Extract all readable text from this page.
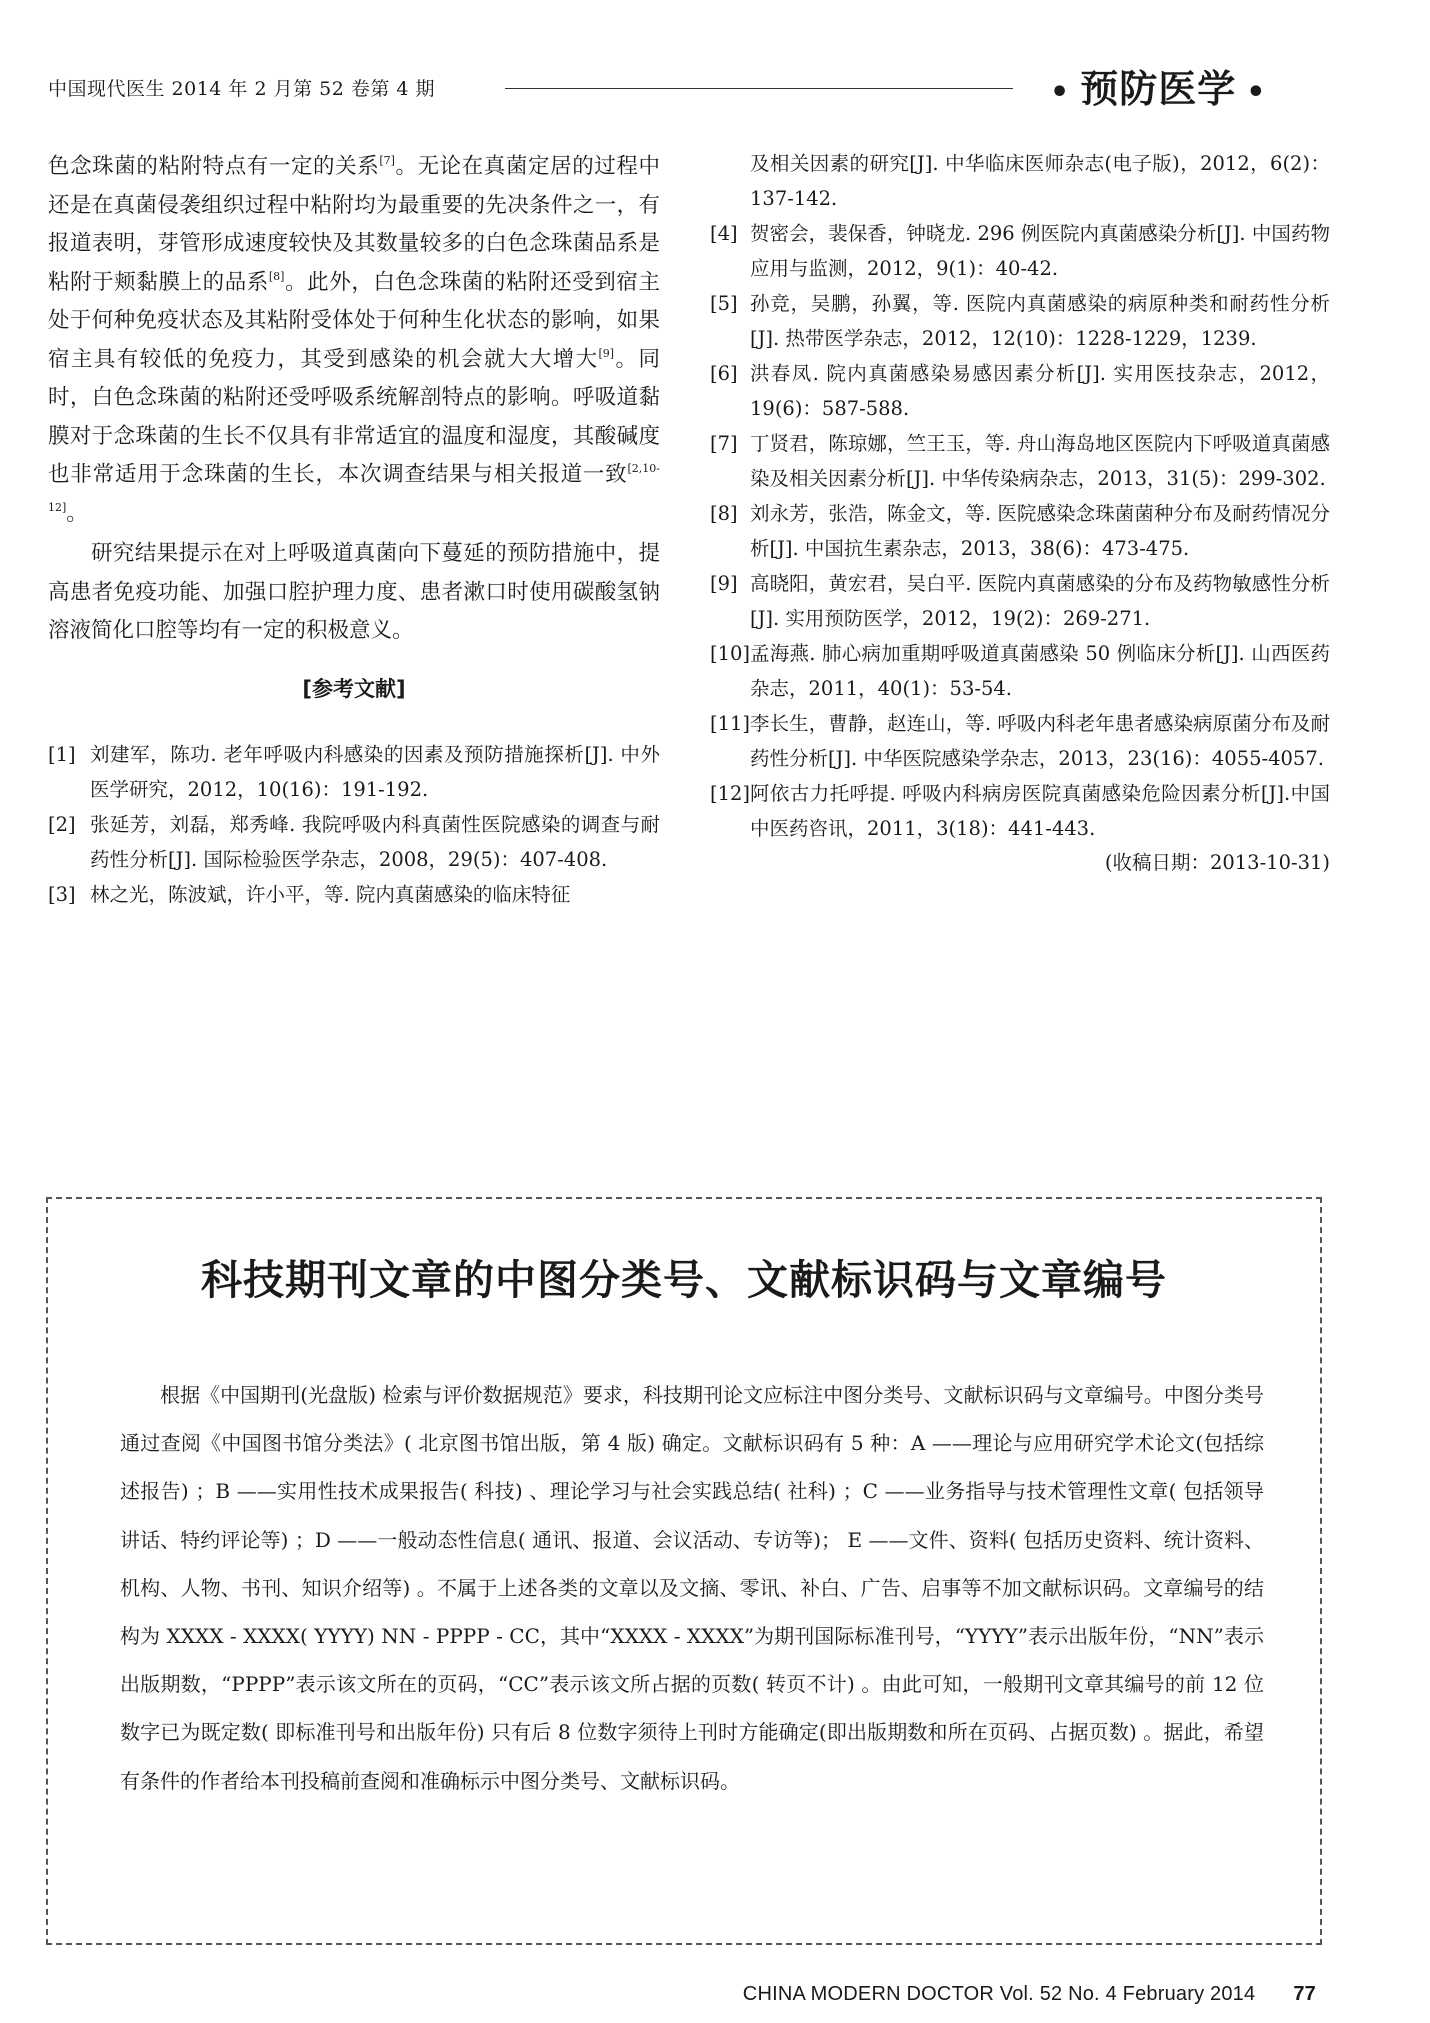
中国现代医生 2014 年 2 月第 52 卷第 4 期	• 预防医学 •

色念珠菌的粘附特点有一定的关系[7]。无论在真菌定居的过程中还是在真菌侵袭组织过程中粘附均为最重要的先决条件之一，有报道表明，芽管形成速度较快及其数量较多的白色念珠菌品系是粘附于颊黏膜上的品系[8]。此外，白色念珠菌的粘附还受到宿主处于何种免疫状态及其粘附受体处于何种生化状态的影响，如果宿主具有较低的免疫力，其受到感染的机会就大大增大[9]。同时，白色念珠菌的粘附还受呼吸系统解剖特点的影响。呼吸道黏膜对于念珠菌的生长不仅具有非常适宜的温度和湿度，其酸碱度也非常适用于念珠菌的生长，本次调查结果与相关报道一致[2,10-12]。

研究结果提示在对上呼吸道真菌向下蔓延的预防措施中，提高患者免疫功能、加强口腔护理力度、患者漱口时使用碳酸氢钠溶液简化口腔等均有一定的积极意义。

[参考文献]
[1] 刘建军，陈功. 老年呼吸内科感染的因素及预防措施探析[J]. 中外医学研究，2012，10(16)：191-192.
[2] 张延芳，刘磊，郑秀峰. 我院呼吸内科真菌性医院感染的调查与耐药性分析[J]. 国际检验医学杂志，2008，29(5)：407-408.
[3] 林之光，陈波斌，许小平，等. 院内真菌感染的临床特征
及相关因素的研究[J]. 中华临床医师杂志(电子版)，2012，6(2)：137-142.
[4] 贺密会，裴保香，钟晓龙. 296 例医院内真菌感染分析[J]. 中国药物应用与监测，2012，9(1)：40-42.
[5] 孙竞，吴鹏，孙翼，等. 医院内真菌感染的病原种类和耐药性分析[J]. 热带医学杂志，2012，12(10)：1228-1229，1239.
[6] 洪春凤. 院内真菌感染易感因素分析[J]. 实用医技杂志，2012，19(6)：587-588.
[7] 丁贤君，陈琼娜，竺王玉，等. 舟山海岛地区医院内下呼吸道真菌感染及相关因素分析[J]. 中华传染病杂志，2013，31(5)：299-302.
[8] 刘永芳，张浩，陈金文，等. 医院感染念珠菌菌种分布及耐药情况分析[J]. 中国抗生素杂志，2013，38(6)：473-475.
[9] 高晓阳，黄宏君，吴白平. 医院内真菌感染的分布及药物敏感性分析[J]. 实用预防医学，2012，19(2)：269-271.
[10] 孟海燕. 肺心病加重期呼吸道真菌感染 50 例临床分析[J]. 山西医药杂志，2011，40(1)：53-54.
[11] 李长生，曹静，赵连山，等. 呼吸内科老年患者感染病原菌分布及耐药性分析[J]. 中华医院感染学杂志，2013，23(16)：4055-4057.
[12] 阿依古力托呼提. 呼吸内科病房医院真菌感染危险因素分析[J].中国中医药咨讯，2011，3(18)：441-443.
(收稿日期：2013-10-31)
科技期刊文章的中图分类号、文献标识码与文章编号
根据《中国期刊(光盘版) 检索与评价数据规范》要求，科技期刊论文应标注中图分类号、文献标识码与文章编号。中图分类号通过查阅《中国图书馆分类法》( 北京图书馆出版，第 4 版) 确定。文献标识码有 5 种：A ——理论与应用研究学术论文(包括综述报告) ；B ——实用性技术成果报告( 科技) 、理论学习与社会实践总结( 社科) ；C ——业务指导与技术管理性文章( 包括领导讲话、特约评论等) ；D ——一般动态性信息( 通讯、报道、会议活动、专访等)； E ——文件、资料( 包括历史资料、统计资料、机构、人物、书刊、知识介绍等) 。不属于上述各类的文章以及文摘、零讯、补白、广告、启事等不加文献标识码。文章编号的结构为 XXXX - XXXX( YYYY) NN - PPPP - CC，其中“XXXX - XXXX”为期刊国际标准刊号，“YYYY”表示出版年份，“NN”表示出版期数，“PPPP”表示该文所在的页码，“CC”表示该文所占据的页数( 转页不计) 。由此可知，一般期刊文章其编号的前 12 位数字已为既定数( 即标准刊号和出版年份) 只有后 8 位数字须待上刊时方能确定(即出版期数和所在页码、占据页数) 。据此，希望有条件的作者给本刊投稿前查阅和准确标示中图分类号、文献标识码。
CHINA MODERN DOCTOR Vol. 52 No. 4 February 2014 77
